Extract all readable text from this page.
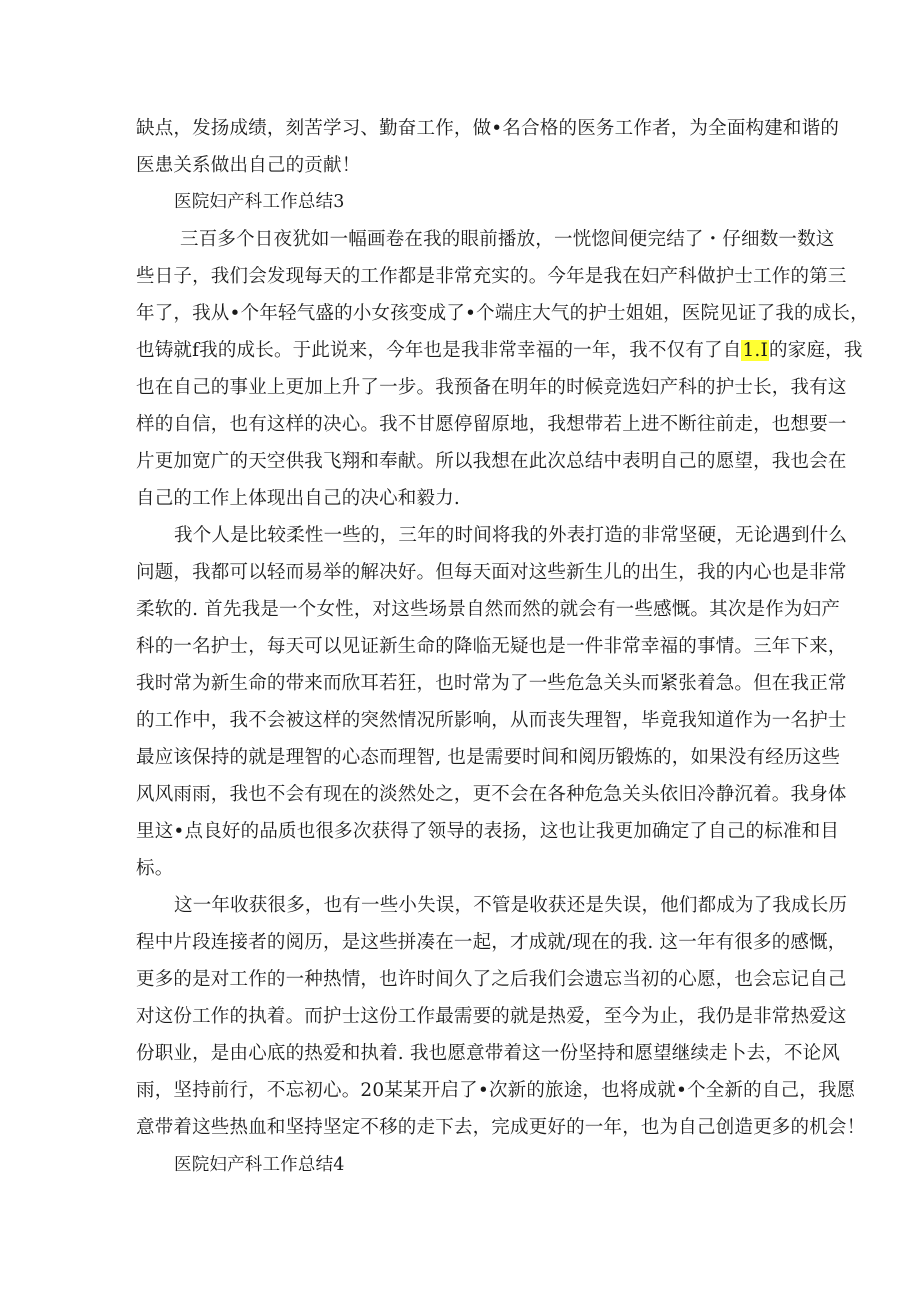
缺点，发扬成绩，刻苦学习、勤奋工作，做•名合格的医务工作者，为全面构建和谐的
医患关系做出自己的贡献！
医院妇产科工作总结3
三百多个日夜犹如一幅画卷在我的眼前播放，一恍惚间便完结了・仔细数一数这
些日子，我们会发现每天的工作都是非常充实的。今年是我在妇产科做护士工作的第三
年了，我从•个年轻气盛的小女孩变成了•个端庄大气的护士姐姐，医院见证了我的成长，
也铸就f我的成长。于此说来，今年也是我非常幸福的一年，我不仅有了自1.I的家庭，我
也在自己的事业上更加上升了一步。我预备在明年的时候竞选妇产科的护士长，我有这
样的自信，也有这样的决心。我不甘愿停留原地，我想带若上进不断往前走，也想要一
片更加宽广的天空供我飞翔和奉献。所以我想在此次总结中表明自己的愿望，我也会在
自己的工作上体现出自己的决心和毅力.
我个人是比较柔性一些的，三年的时间将我的外表打造的非常坚硬，无论遇到什么
问题，我都可以轻而易举的解决好。但每天面对这些新生儿的出生，我的内心也是非常
柔软的. 首先我是一个女性，对这些场景自然而然的就会有一些感慨。其次是作为妇产
科的一名护士，每天可以见证新生命的降临无疑也是一件非常幸福的事情。三年下来，
我时常为新生命的带来而欣耳若狂，也时常为了一些危急关头而紧张着急。但在我正常
的工作中，我不会被这样的突然情况所影响，从而丧失理智，毕竟我知道作为一名护士
最应该保持的就是理智的心态而理智, 也是需要时间和阅历锻炼的，如果没有经历这些
风风雨雨，我也不会有现在的淡然处之，更不会在各种危急关头依旧冷静沉着。我身体
里这•点良好的品质也很多次获得了领导的表扬，这也让我更加确定了自己的标准和目
标。
这一年收获很多，也有一些小失误，不管是收获还是失误，他们都成为了我成长历
程中片段连接者的阅历，是这些拼凑在一起，才成就/现在的我. 这一年有很多的感慨，
更多的是对工作的一种热情，也许时间久了之后我们会遗忘当初的心愿，也会忘记自己
对这份工作的执着。而护士这份工作最需要的就是热爱，至今为止，我仍是非常热爱这
份职业，是由心底的热爱和执着. 我也愿意带着这一份坚持和愿望继续走卜去，不论风
雨，坚持前行，不忘初心。20某某开启了•次新的旅途，也将成就•个全新的自己，我愿
意带着这些热血和坚持坚定不移的走下去，完成更好的一年，也为自己创造更多的机会！
医院妇产科工作总结4
